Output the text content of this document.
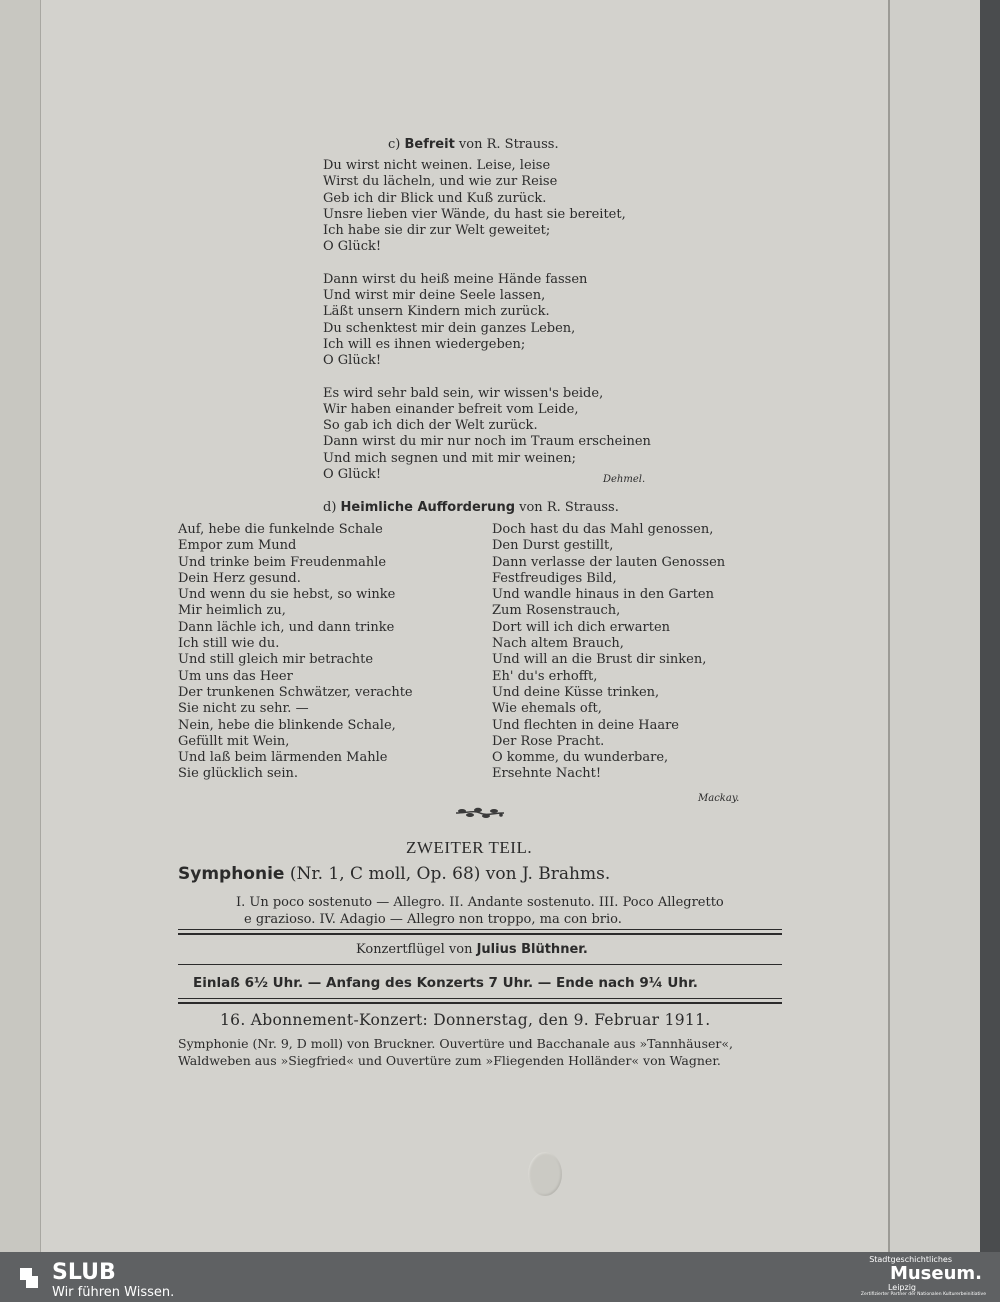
c) Befreit von R. Strauss.
Du wirst nicht weinen. Leise, leise
Wirst du lächeln, und wie zur Reise
Geb ich dir Blick und Kuß zurück.
Unsre lieben vier Wände, du hast sie bereitet,
Ich habe sie dir zur Welt geweitet;
O Glück!
Dann wirst du heiß meine Hände fassen
Und wirst mir deine Seele lassen,
Läßt unsern Kindern mich zurück.
Du schenktest mir dein ganzes Leben,
Ich will es ihnen wiedergeben;
O Glück!
Es wird sehr bald sein, wir wissen's beide,
Wir haben einander befreit vom Leide,
So gab ich dich der Welt zurück.
Dann wirst du mir nur noch im Traum erscheinen
Und mich segnen und mit mir weinen;
O Glück!	Dehmel.
d) Heimliche Aufforderung von R. Strauss.
Auf, hebe die funkelnde Schale
Empor zum Mund
Und trinke beim Freudenmahle
Dein Herz gesund.
Und wenn du sie hebst, so winke
Mir heimlich zu,
Dann lächle ich, und dann trinke
Ich still wie du.
Und still gleich mir betrachte
Um uns das Heer
Der trunkenen Schwätzer, verachte
Sie nicht zu sehr. —
Nein, hebe die blinkende Schale,
Gefüllt mit Wein,
Und laß beim lärmenden Mahle
Sie glücklich sein.
Doch hast du das Mahl genossen,
Den Durst gestillt,
Dann verlasse der lauten Genossen
Festfreudiges Bild,
Und wandle hinaus in den Garten
Zum Rosenstrauch,
Dort will ich dich erwarten
Nach altem Brauch,
Und will an die Brust dir sinken,
Eh' du's erhofft,
Und deine Küsse trinken,
Wie ehemals oft,
Und flechten in deine Haare
Der Rose Pracht.
O komme, du wunderbare,
Ersehnte Nacht!
Mackay.
ZWEITER TEIL.
Symphonie (Nr. 1, C moll, Op. 68) von J. Brahms.
I. Un poco sostenuto — Allegro. II. Andante sostenuto. III. Poco Allegretto
e grazioso. IV. Adagio — Allegro non troppo, ma con brio.
Konzertflügel von Julius Blüthner.
Einlaß 6½ Uhr. — Anfang des Konzerts 7 Uhr. — Ende nach 9¼ Uhr.
16. Abonnement-Konzert: Donnerstag, den 9. Februar 1911.
Symphonie (Nr. 9, D moll) von Bruckner. Ouvertüre und Bacchanale aus »Tannhäuser«,
Waldweben aus »Siegfried« und Ouvertüre zum »Fliegenden Holländer« von Wagner.
SLUB
Wir führen Wissen.
Stadtgeschichtliches
Museum.
Leipzig
Zertifizierter Partner der Nationalen Kulturerbeinitiative
